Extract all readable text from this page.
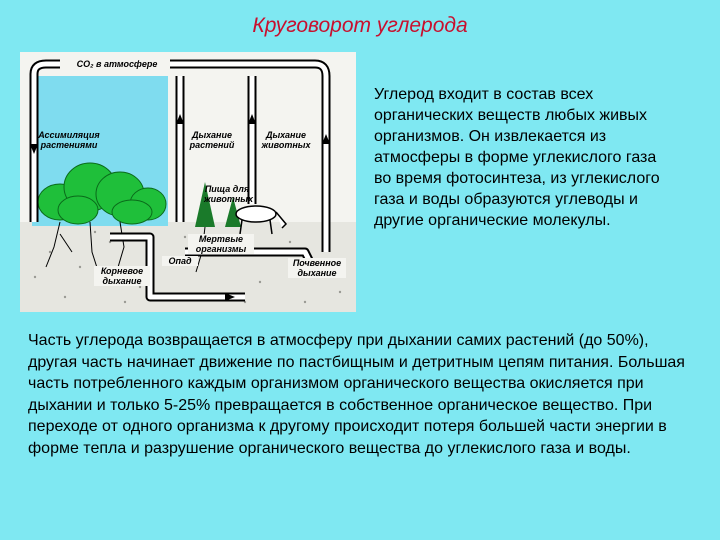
Круговорот углерода
CO₂ в атмосфере
Ассимиляция растениями
Дыхание растений
Дыхание животных
Пища для животных
Мертвые организмы
Опад
Корневое дыхание
Почвенное дыхание
Углерод входит в состав всех органических веществ любых живых организмов. Он извлекается из атмосферы в форме углекислого газа во время фотосинтеза, из углекислого газа и воды образуются углеводы и другие органические молекулы.
Часть углерода возвращается в атмосферу при дыхании самих растений (до 50%), другая часть начинает движение по пастбищным и детритным цепям питания. Большая часть потребленного каждым организмом органического вещества окисляется при дыхании и только 5-25% превращается в собственное органическое вещество. При переходе от одного организма к другому происходит потеря большей части энергии в форме тепла и разрушение органического вещества до углекислого газа и воды.
